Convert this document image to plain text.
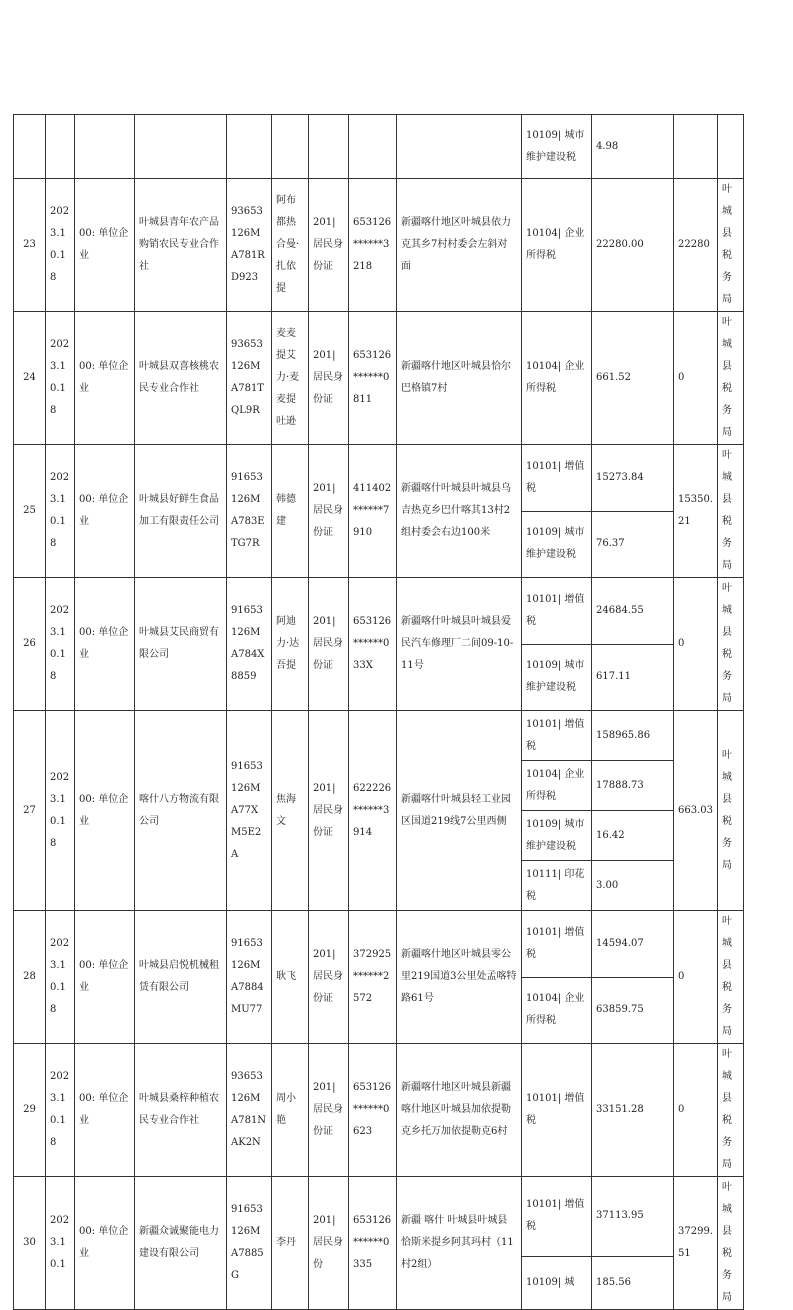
									10109| 城市维护建设税	4.98		
23	2023.10.18	00: 单位企业	叶城县青年农产品购销农民专业合作社	93653126MA781RD923	阿布都热合曼·扎依提	201|居民身份证	653126******3218	新疆喀什地区叶城县依力克其乡7村村委会左斜对面	10104| 企业所得税	22280.00	22280	叶城县税务局
24	2023.10.18	00: 单位企业	叶城县双喜核桃农民专业合作社	93653126MA781TQL9R	麦麦提艾力·麦麦提吐逊	201|居民身份证	653126******0811	新疆喀什地区叶城县恰尔巴格镇7村	10104| 企业所得税	661.52	0	叶城县税务局
25	2023.10.18	00: 单位企业	叶城县好鲜生食品加工有限责任公司	91653126MA783ETG7R	韩德建	201|居民身份证	411402******7910	新疆喀什叶城县叶城县乌吉热克乡巴什喀其13村2组村委会右边100米	10101| 增值税	15273.84	15350.21	叶城县税务局
									10109| 城市维护建设税	76.37		
26	2023.10.18	00: 单位企业	叶城县艾民商贸有限公司	91653126MA784X8859	阿迪力·达吾提	201|居民身份证	653126******033X	新疆喀什叶城县叶城县爱民汽车修理厂二间09-10-11号	10101| 增值税	24684.55	0	叶城县税务局
									10109| 城市维护建设税	617.11		
27	2023.10.18	00: 单位企业	喀什八方物流有限公司	91653126MA77XM5E2A	焦海文	201|居民身份证	622226******3914	新疆喀什叶城县轻工业园区国道219线7公里西侧	10101| 增值税	158965.86	663.03	叶城县税务局
									10104| 企业所得税	17888.73		
									10109| 城市维护建设税	16.42		
									10111| 印花税	3.00		
28	2023.10.18	00: 单位企业	叶城县启悦机械租赁有限公司	91653126MA7884MU77	耿飞	201|居民身份证	372925******2572	新疆喀什地区叶城县零公里219国道3公里处孟喀特路61号	10101| 增值税	14594.07	0	叶城县税务局
									10104| 企业所得税	63859.75		
29	2023.10.18	00: 单位企业	叶城县桑梓种植农民专业合作社	93653126MA781NAK2N	周小艳	201|居民身份证	653126******0623	新疆喀什地区叶城县新疆喀什地区叶城县加依提勒克乡托万加依提勒克6村	10101| 增值税	33151.28	0	叶城县税务局
30	2023.10.1	00: 单位企业	新疆众诚聚能电力建设有限公司	91653126MA7885G	李丹	201|居民身份	653126******0335	新疆 喀什 叶城县叶城县恰斯米提乡阿其玛村（11村2组）	10101| 增值税	37113.95	37299.51	叶城县税务局
									10109| 城	185.56		
